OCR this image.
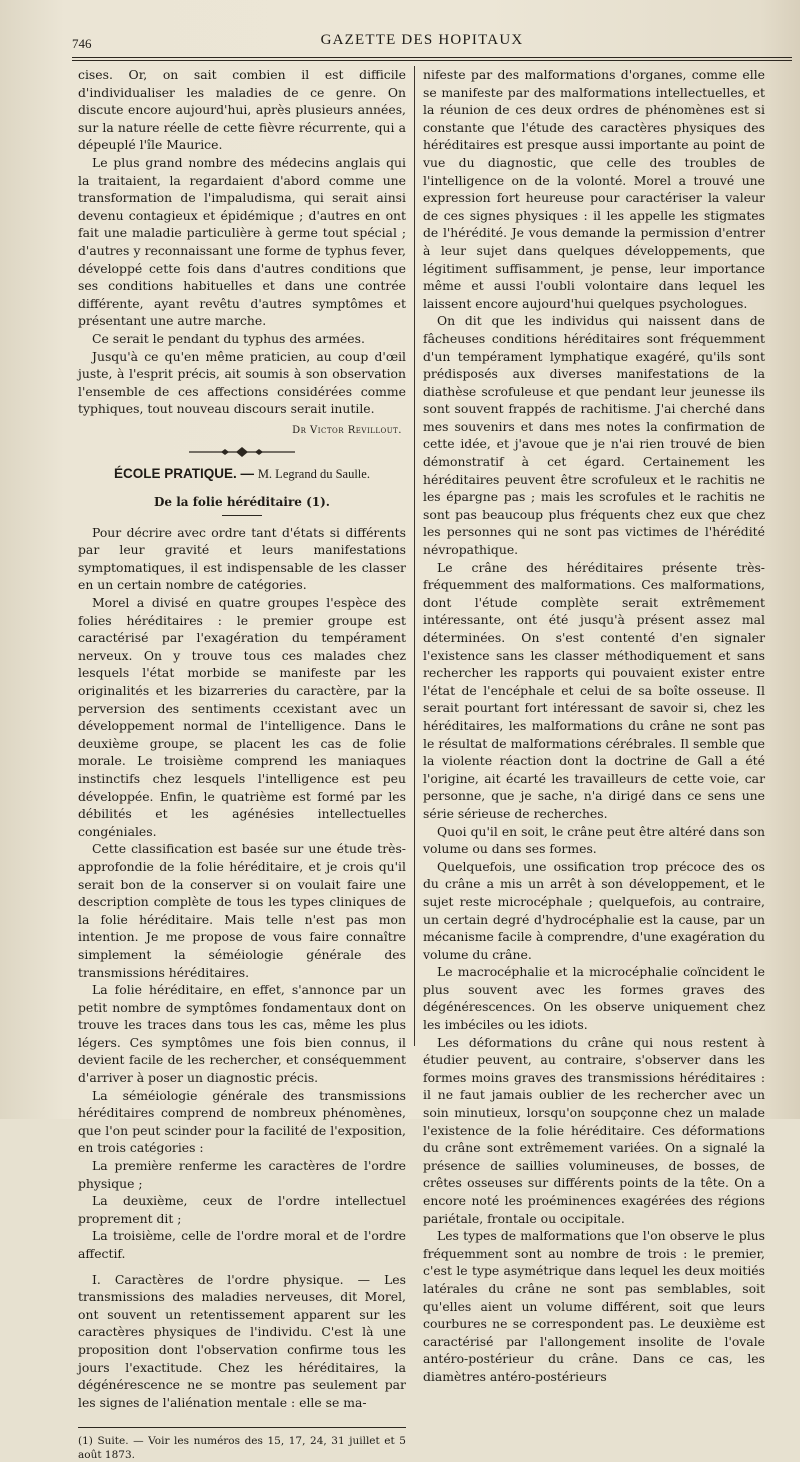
746	GAZETTE DES HOPITAUX

cises. Or, on sait combien il est difficile d'individualiser les maladies de ce genre. On discute encore aujourd'hui, après plusieurs années, sur la nature réelle de cette fièvre récurrente, qui a dépeuplé l'île Maurice.

Le plus grand nombre des médecins anglais qui la traitaient, la regardaient d'abord comme une transformation de l'impaludisma, qui serait ainsi devenu contagieux et épidémique ; d'autres en ont fait une maladie particulière à germe tout spécial ; d'autres y reconnaissant une forme de typhus fever, développé cette fois dans d'autres conditions que ses conditions habituelles et dans une contrée différente, ayant revêtu d'autres symptômes et présentant une autre marche.

Ce serait le pendant du typhus des armées.

Jusqu'à ce qu'en même praticien, au coup d'œil juste, à l'esprit précis, ait soumis à son observation l'ensemble de ces affections considérées comme typhiques, tout nouveau discours serait inutile.

Dr Victor Revillout.
ÉCOLE PRATIQUE. — M. Legrand du Saulle.
De la folie héréditaire (1).

Pour décrire avec ordre tant d'états si différents par leur gravité et leurs manifestations symptomatiques, il est indispensable de les classer en un certain nombre de catégories.

Morel a divisé en quatre groupes l'espèce des folies héréditaires : le premier groupe est caractérisé par l'exagération du tempérament nerveux. On y trouve tous ces malades chez lesquels l'état morbide se manifeste par les originalités et les bizarreries du caractère, par la perversion des sentiments ccexistant avec un développement normal de l'intelligence. Dans le deuxième groupe, se placent les cas de folie morale. Le troisième comprend les maniaques instinctifs chez lesquels l'intelligence est peu développée. Enfin, le quatrième est formé par les débilités et les agénésies intellectuelles congéniales.

Cette classification est basée sur une étude très-approfondie de la folie héréditaire, et je crois qu'il serait bon de la conserver si on voulait faire une description complète de tous les types cliniques de la folie héréditaire. Mais telle n'est pas mon intention. Je me propose de vous faire connaître simplement la séméiologie générale des transmissions héréditaires.

La folie héréditaire, en effet, s'annonce par un petit nombre de symptômes fondamentaux dont on trouve les traces dans tous les cas, même les plus légers. Ces symptômes une fois bien connus, il devient facile de les rechercher, et conséquemment d'arriver à poser un diagnostic précis.

La séméiologie générale des transmissions héréditaires comprend de nombreux phénomènes, que l'on peut scinder pour la facilité de l'exposition, en trois catégories :

La première renferme les caractères de l'ordre physique ;

La deuxième, ceux de l'ordre intellectuel proprement dit ;

La troisième, celle de l'ordre moral et de l'ordre affectif.

I. Caractères de l'ordre physique. — Les transmissions des maladies nerveuses, dit Morel, ont souvent un retentissement apparent sur les caractères physiques de l'individu. C'est là une proposition dont l'observation confirme tous les jours l'exactitude. Chez les héréditaires, la dégénérescence ne se montre pas seulement par les signes de l'aliénation mentale : elle se ma-

(1) Suite. — Voir les numéros des 15, 17, 24, 31 juillet et 5 août 1873.

nifeste par des malformations d'organes, comme elle se manifeste par des malformations intellectuelles, et la réunion de ces deux ordres de phénomènes est si constante que l'étude des caractères physiques des héréditaires est presque aussi importante au point de vue du diagnostic, que celle des troubles de l'intelligence on de la volonté. Morel a trouvé une expression fort heureuse pour caractériser la valeur de ces signes physiques : il les appelle les stigmates de l'hérédité. Je vous demande la permission d'entrer à leur sujet dans quelques développements, que légitiment suffisamment, je pense, leur importance même et aussi l'oubli volontaire dans lequel les laissent encore aujourd'hui quelques psychologues.

On dit que les individus qui naissent dans de fâcheuses conditions héréditaires sont fréquemment d'un tempérament lymphatique exagéré, qu'ils sont prédisposés aux diverses manifestations de la diathèse scrofuleuse et que pendant leur jeunesse ils sont souvent frappés de rachitisme. J'ai cherché dans mes souvenirs et dans mes notes la confirmation de cette idée, et j'avoue que je n'ai rien trouvé de bien démonstratif à cet égard. Certainement les héréditaires peuvent être scrofuleux et le rachitis ne les épargne pas ; mais les scrofules et le rachitis ne sont pas beaucoup plus fréquents chez eux que chez les personnes qui ne sont pas victimes de l'hérédité névropathique.

Le crâne des héréditaires présente très-fréquemment des malformations. Ces malformations, dont l'étude complète serait extrêmement intéressante, ont été jusqu'à présent assez mal déterminées. On s'est contenté d'en signaler l'existence sans les classer méthodiquement et sans rechercher les rapports qui pouvaient exister entre l'état de l'encéphale et celui de sa boîte osseuse. Il serait pourtant fort intéressant de savoir si, chez les héréditaires, les malformations du crâne ne sont pas le résultat de malformations cérébrales. Il semble que la violente réaction dont la doctrine de Gall a été l'origine, ait écarté les travailleurs de cette voie, car personne, que je sache, n'a dirigé dans ce sens une série sérieuse de recherches.

Quoi qu'il en soit, le crâne peut être altéré dans son volume ou dans ses formes.

Quelquefois, une ossification trop précoce des os du crâne a mis un arrêt à son développement, et le sujet reste microcéphale ; quelquefois, au contraire, un certain degré d'hydrocéphalie est la cause, par un mécanisme facile à comprendre, d'une exagération du volume du crâne.

Le macrocéphalie et la microcéphalie coïncident le plus souvent avec les formes graves des dégénérescences. On les observe uniquement chez les imbéciles ou les idiots.

Les déformations du crâne qui nous restent à étudier peuvent, au contraire, s'observer dans les formes moins graves des transmissions héréditaires : il ne faut jamais oublier de les rechercher avec un soin minutieux, lorsqu'on soupçonne chez un malade l'existence de la folie héréditaire. Ces déformations du crâne sont extrêmement variées. On a signalé la présence de saillies volumineuses, de bosses, de crêtes osseuses sur différents points de la tête. On a encore noté les proéminences exagérées des régions pariétale, frontale ou occipitale.

Les types de malformations que l'on observe le plus fréquemment sont au nombre de trois : le premier, c'est le type asymétrique dans lequel les deux moitiés latérales du crâne ne sont pas semblables, soit qu'elles aient un volume différent, soit que leurs courbures ne se correspondent pas. Le deuxième est caractérisé par l'allongement insolite de l'ovale antéro-postérieur du crâne. Dans ce cas, les diamètres antéro-postérieurs
